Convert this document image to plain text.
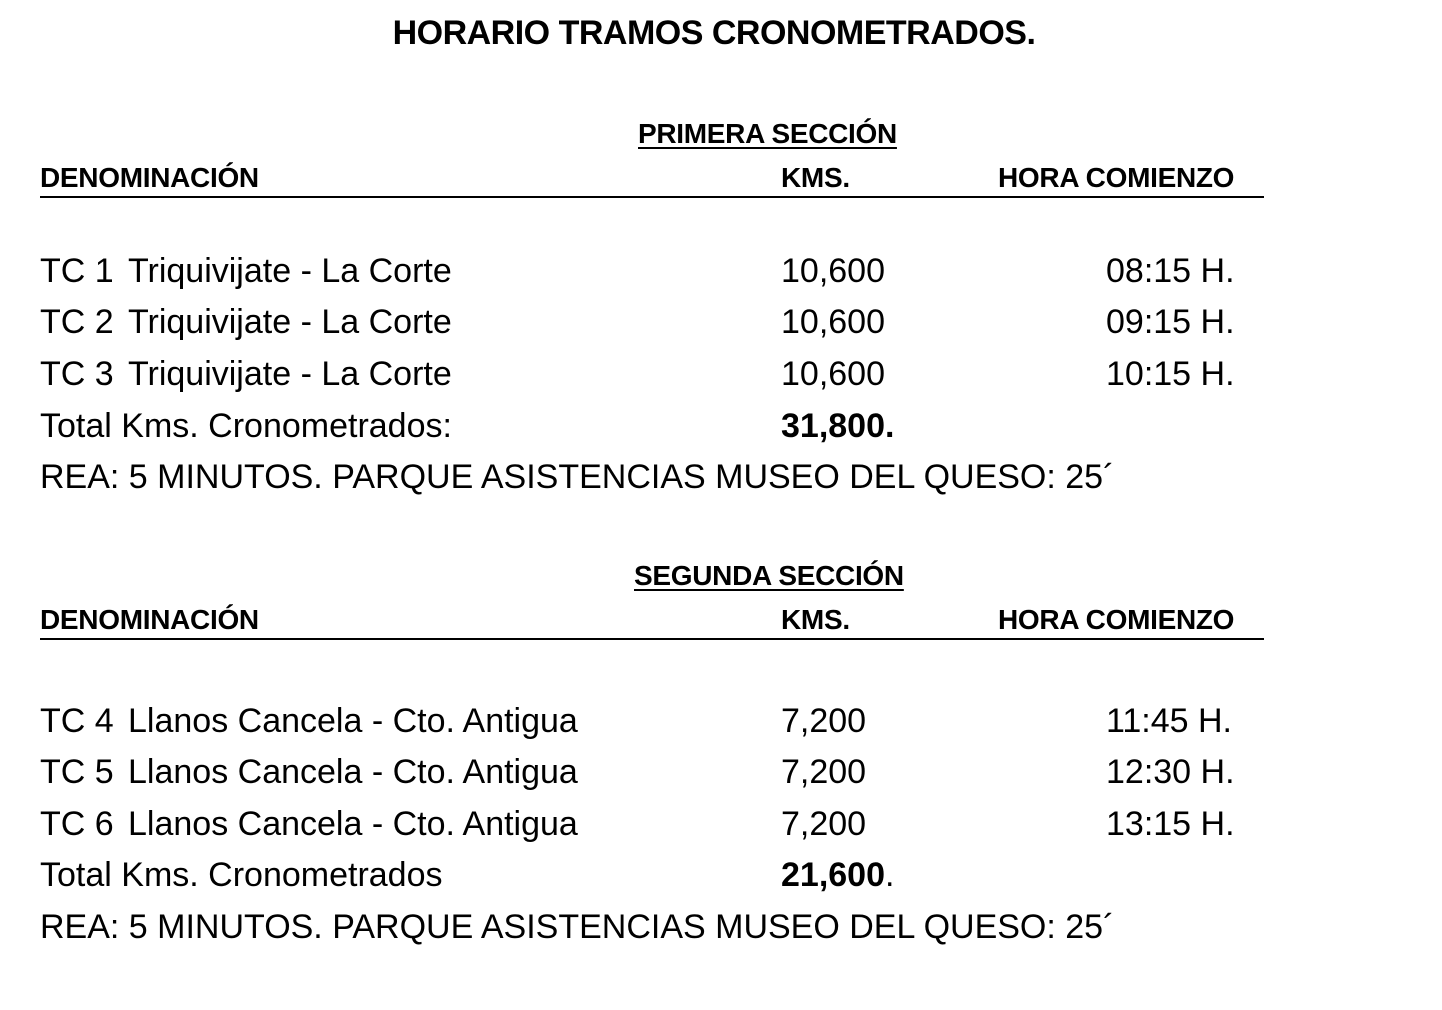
HORARIO TRAMOS CRONOMETRADOS.
PRIMERA SECCIÓN
DENOMINACIÓN	KMS.	HORA COMIENZO
TC 1 Triquivijate - La Corte	10,600	08:15 H.
TC 2 Triquivijate - La Corte	10,600	09:15 H.
TC 3 Triquivijate - La Corte	10,600	10:15 H.
Total Kms. Cronometrados:	31,800.
REA: 5 MINUTOS. PARQUE ASISTENCIAS MUSEO DEL QUESO: 25´
SEGUNDA SECCIÓN
DENOMINACIÓN	KMS.	HORA COMIENZO
TC 4 Llanos Cancela - Cto. Antigua	7,200	11:45 H.
TC 5 Llanos Cancela - Cto. Antigua	7,200	12:30 H.
TC 6 Llanos Cancela - Cto. Antigua	7,200	13:15 H.
Total Kms. Cronometrados	21,600.
REA: 5 MINUTOS. PARQUE ASISTENCIAS MUSEO DEL QUESO: 25´
